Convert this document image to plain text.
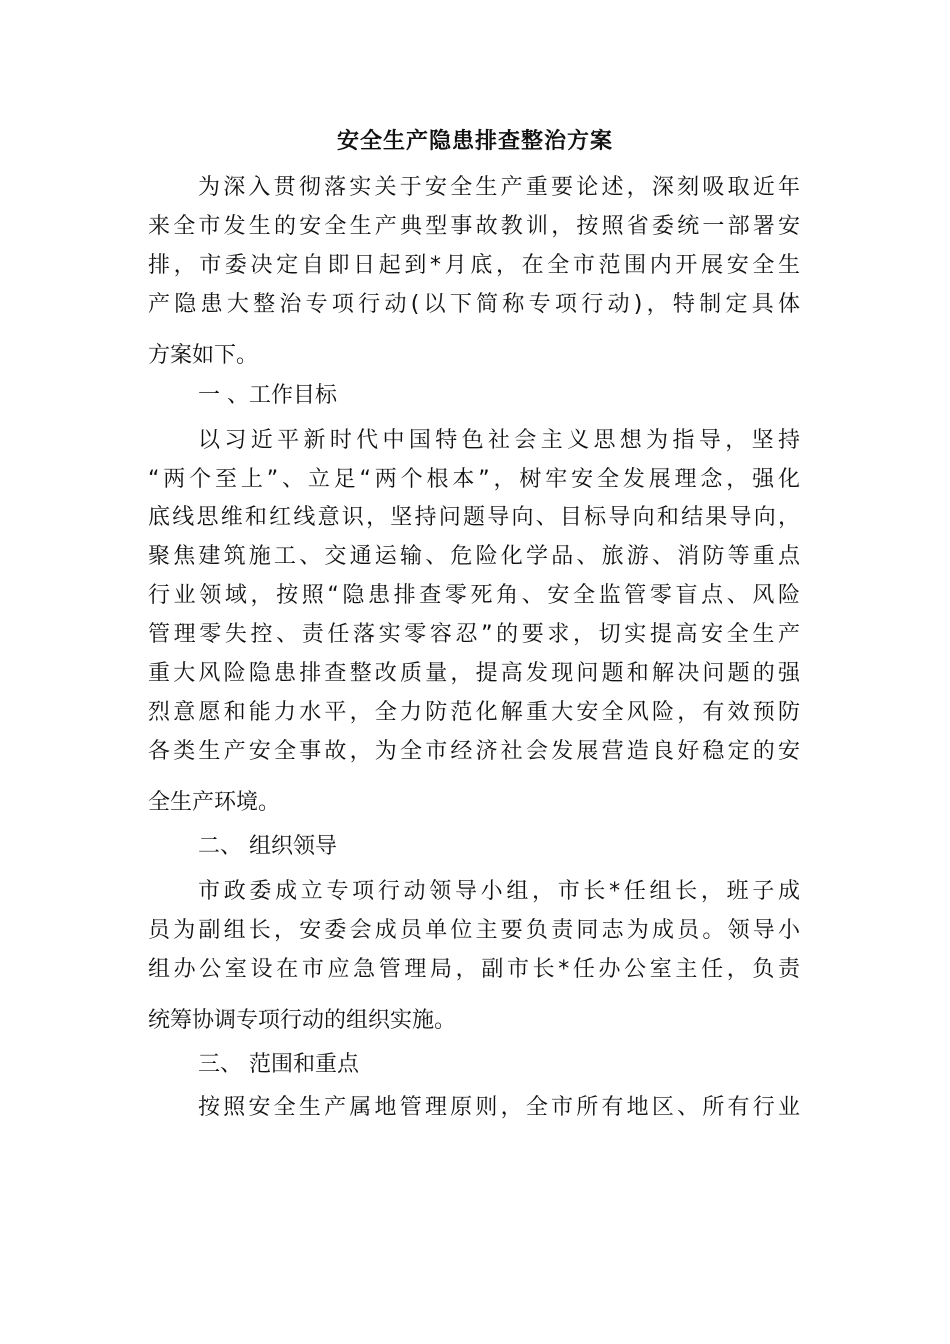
安全生产隐患排查整治方案
为深入贯彻落实关于安全生产重要论述，深刻吸取近年
来全市发生的安全生产典型事故教训，按照省委统一部署安
排，市委决定自即日起到*月底，在全市范围内开展安全生
产隐患大整治专项行动(以下简称专项行动)，特制定具体
方案如下。
一 、工作目标
以习近平新时代中国特色社会主义思想为指导，坚持
“两个至上”、立足“两个根本”，树牢安全发展理念，强化
底线思维和红线意识，坚持问题导向、目标导向和结果导向，
聚焦建筑施工、交通运输、危险化学品、旅游、消防等重点
行业领域，按照“隐患排查零死角、安全监管零盲点、风险
管理零失控、责任落实零容忍”的要求，切实提高安全生产
重大风险隐患排查整改质量，提高发现问题和解决问题的强
烈意愿和能力水平，全力防范化解重大安全风险，有效预防
各类生产安全事故，为全市经济社会发展营造良好稳定的安
全生产环境。
二、 组织领导
市政委成立专项行动领导小组，市长*任组长，班子成
员为副组长，安委会成员单位主要负责同志为成员。领导小
组办公室设在市应急管理局，副市长*任办公室主任，负责
统筹协调专项行动的组织实施。
三、 范围和重点
按照安全生产属地管理原则，全市所有地区、所有行业
